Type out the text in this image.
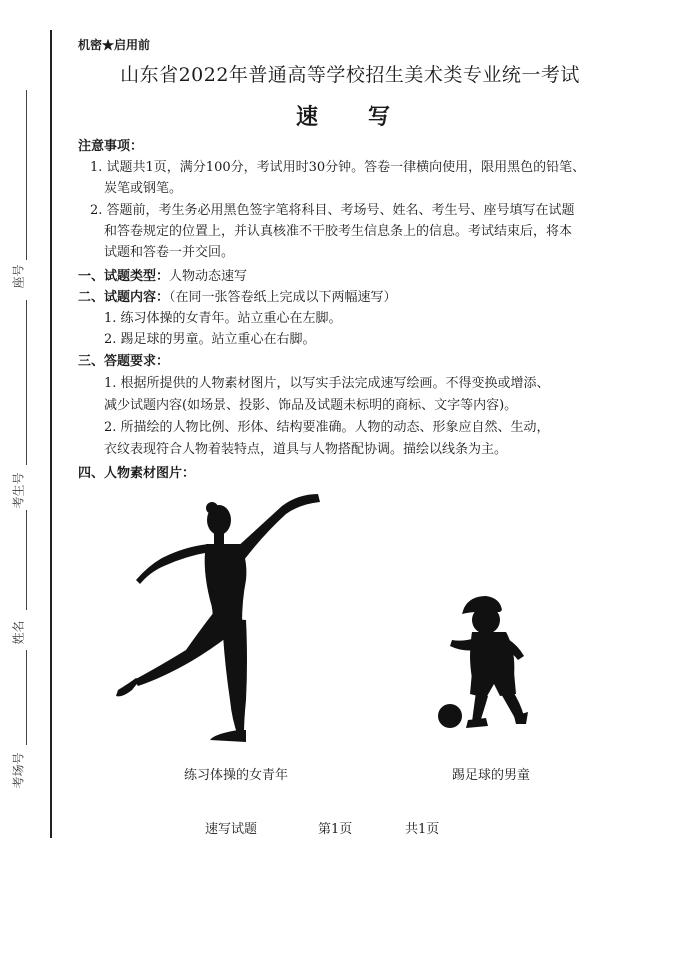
座号
考生号
姓名
考场号
机密★启用前
山东省2022年普通高等学校招生美术类专业统一考试
速　写
注意事项：
1. 试题共1页，满分100分，考试用时30分钟。答卷一律横向使用，限用黑色的铅笔、
炭笔或钢笔。
2. 答题前，考生务必用黑色签字笔将科目、考场号、姓名、考生号、座号填写在试题
和答卷规定的位置上，并认真核准不干胶考生信息条上的信息。考试结束后，将本
试题和答卷一并交回。
一、试题类型：人物动态速写
二、试题内容：（在同一张答卷纸上完成以下两幅速写）
1. 练习体操的女青年。站立重心在左脚。
2. 踢足球的男童。站立重心在右脚。
三、答题要求：
1. 根据所提供的人物素材图片，以写实手法完成速写绘画。不得变换或增添、
减少试题内容(如场景、投影、饰品及试题未标明的商标、文字等内容)。
2. 所描绘的人物比例、形体、结构要准确。人物的动态、形象应自然、生动，
衣纹表现符合人物着装特点，道具与人物搭配协调。描绘以线条为主。
四、人物素材图片：
练习体操的女青年	踢足球的男童
速写试题	第1页	共1页
